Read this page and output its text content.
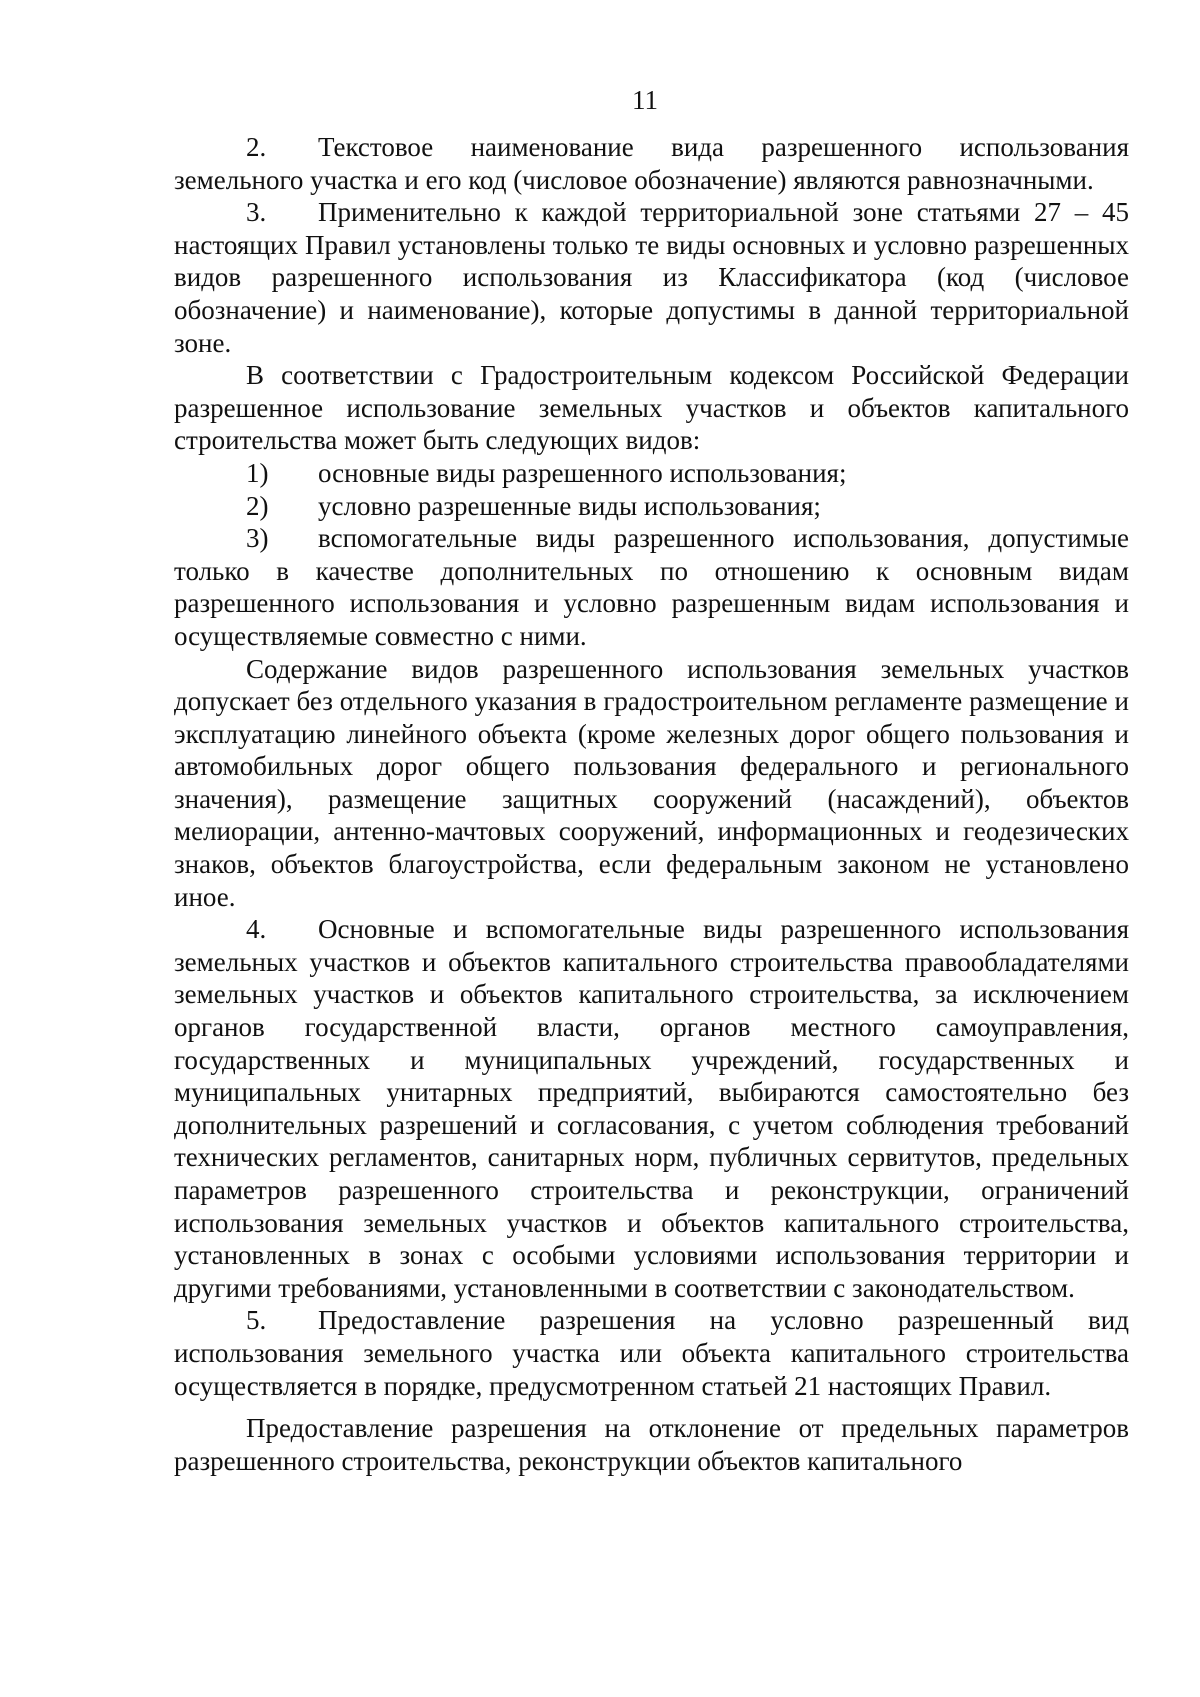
11

2. Текстовое наименование вида разрешенного использования земельного участка и его код (числовое обозначение) являются равнозначными.

3. Применительно к каждой территориальной зоне статьями 27 – 45 настоящих Правил установлены только те виды основных и условно разрешенных видов разрешенного использования из Классификатора (код (числовое обозначение) и наименование), которые допустимы в данной территориальной зоне.

В соответствии с Градостроительным кодексом Российской Федерации разрешенное использование земельных участков и объектов капитального строительства может быть следующих видов:

1) основные виды разрешенного использования;

2) условно разрешенные виды использования;

3) вспомогательные виды разрешенного использования, допустимые только в качестве дополнительных по отношению к основным видам разрешенного использования и условно разрешенным видам использования и осуществляемые совместно с ними.

Содержание видов разрешенного использования земельных участков допускает без отдельного указания в градостроительном регламенте размещение и эксплуатацию линейного объекта (кроме железных дорог общего пользования и автомобильных дорог общего пользования федерального и регионального значения), размещение защитных сооружений (насаждений), объектов мелиорации, антенно-мачтовых сооружений, информационных и геодезических знаков, объектов благоустройства, если федеральным законом не установлено иное.

4. Основные и вспомогательные виды разрешенного использования земельных участков и объектов капитального строительства правообладателями земельных участков и объектов капитального строительства, за исключением органов государственной власти, органов местного самоуправления, государственных и муниципальных учреждений, государственных и муниципальных унитарных предприятий, выбираются самостоятельно без дополнительных разрешений и согласования, с учетом соблюдения требований технических регламентов, санитарных норм, публичных сервитутов, предельных параметров разрешенного строительства и реконструкции, ограничений использования земельных участков и объектов капитального строительства, установленных в зонах с особыми условиями использования территории и другими требованиями, установленными в соответствии с законодательством.

5. Предоставление разрешения на условно разрешенный вид использования земельного участка или объекта капитального строительства осуществляется в порядке, предусмотренном статьей 21 настоящих Правил.

Предоставление разрешения на отклонение от предельных параметров разрешенного строительства, реконструкции объектов капитального
